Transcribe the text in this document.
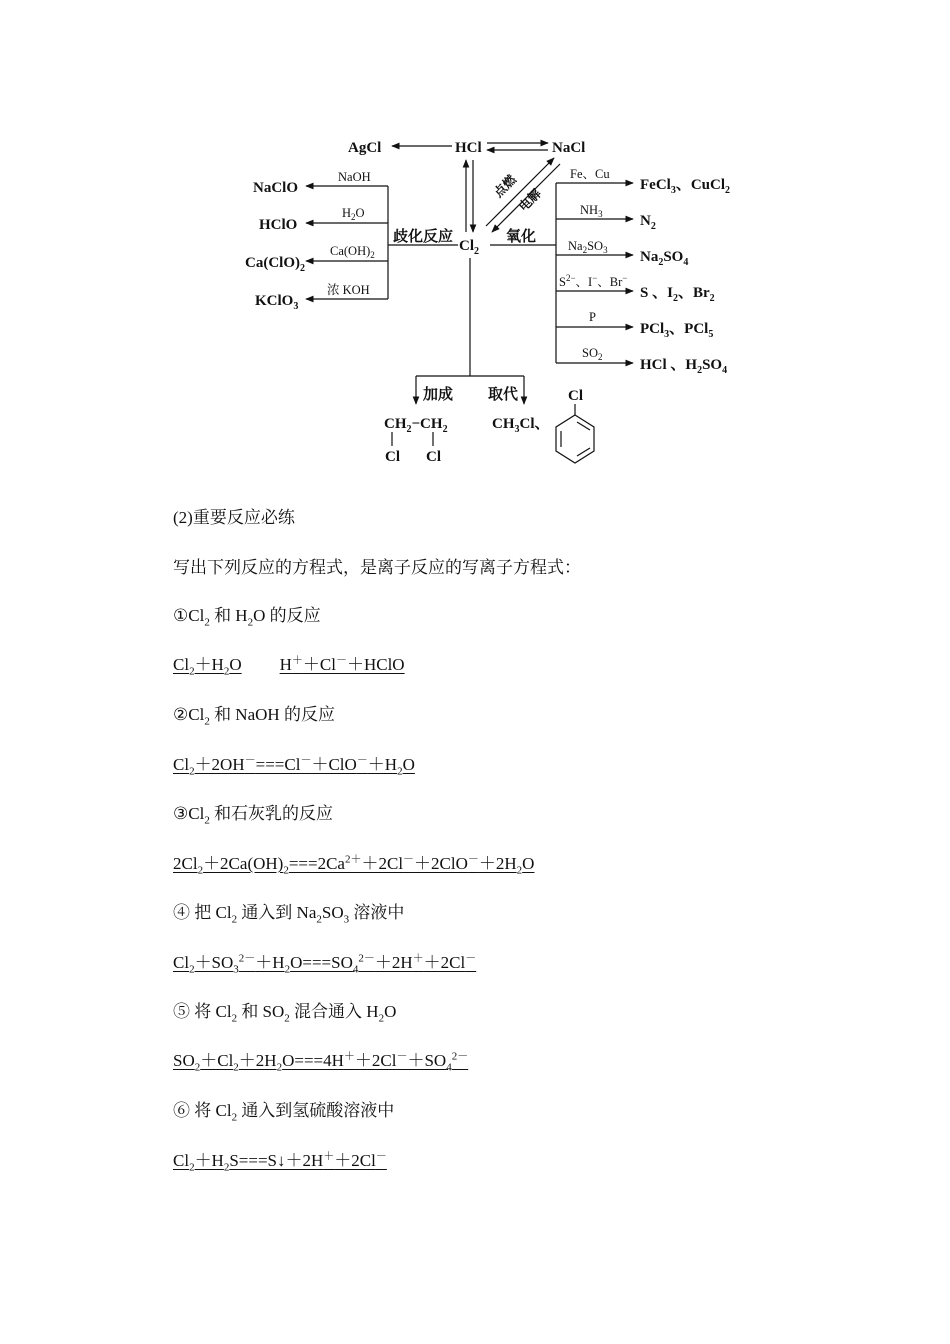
AgCl	HCl	NaCl
$Cl_2$
点燃
电解
歧化反应	氧化
NaOH
$H_2O$
$Ca(OH)_2$
浓 KOH
NaClO
HClO
$Ca(ClO)_2$
KClO$_3$
Fe、Cu
$NH_3$
$Na_2SO_3$
$S^{2-}$、I−、Br−
P
$SO_2$
FeCl$_3$、CuCl$_2$
$N_2$
$Na_2SO_4$
S 、$I_2$、$Br_2$
PCl$_3$、PCl$_5$
HCl 、$H_2SO_4$
加成 取代
$CH_2-CH_2$
Cl Cl
$CH_3Cl$、
Cl
(2)重要反应必练
写出下列反应的方程式，是离子反应的写离子方程式：
$①Cl_2$ 和 $H_2O$ 的反应
$Cl_2+H_2O$ H＋＋Cl－＋HClO
$②Cl_2$ 和 NaOH 的反应
$Cl_2+2OH^-===Cl^-+ClO^-+H_2O$
$③Cl_2$ 和石灰乳的反应
$2Cl_2+2Ca(OH)_2===2Ca^{2+}+2Cl^-+2ClO^-+2H_2O$
④ 把 $Cl_2$ 通入到 $Na_2SO_3$ 溶液中
$Cl_2+SO_3^{2-}+H_2O===SO_4^{2-}+2H^++2Cl^-$
⑤ 将 $Cl_2$ 和 $SO_2$ 混合通入 $H_2O$
$SO_2+Cl_2+2H_2O===4H^++2Cl^-+SO_4^{2-}$
⑥ 将 $Cl_2$ 通入到氢硫酸溶液中
$Cl_2+H_2S===S↓+2H^++2Cl^-$
